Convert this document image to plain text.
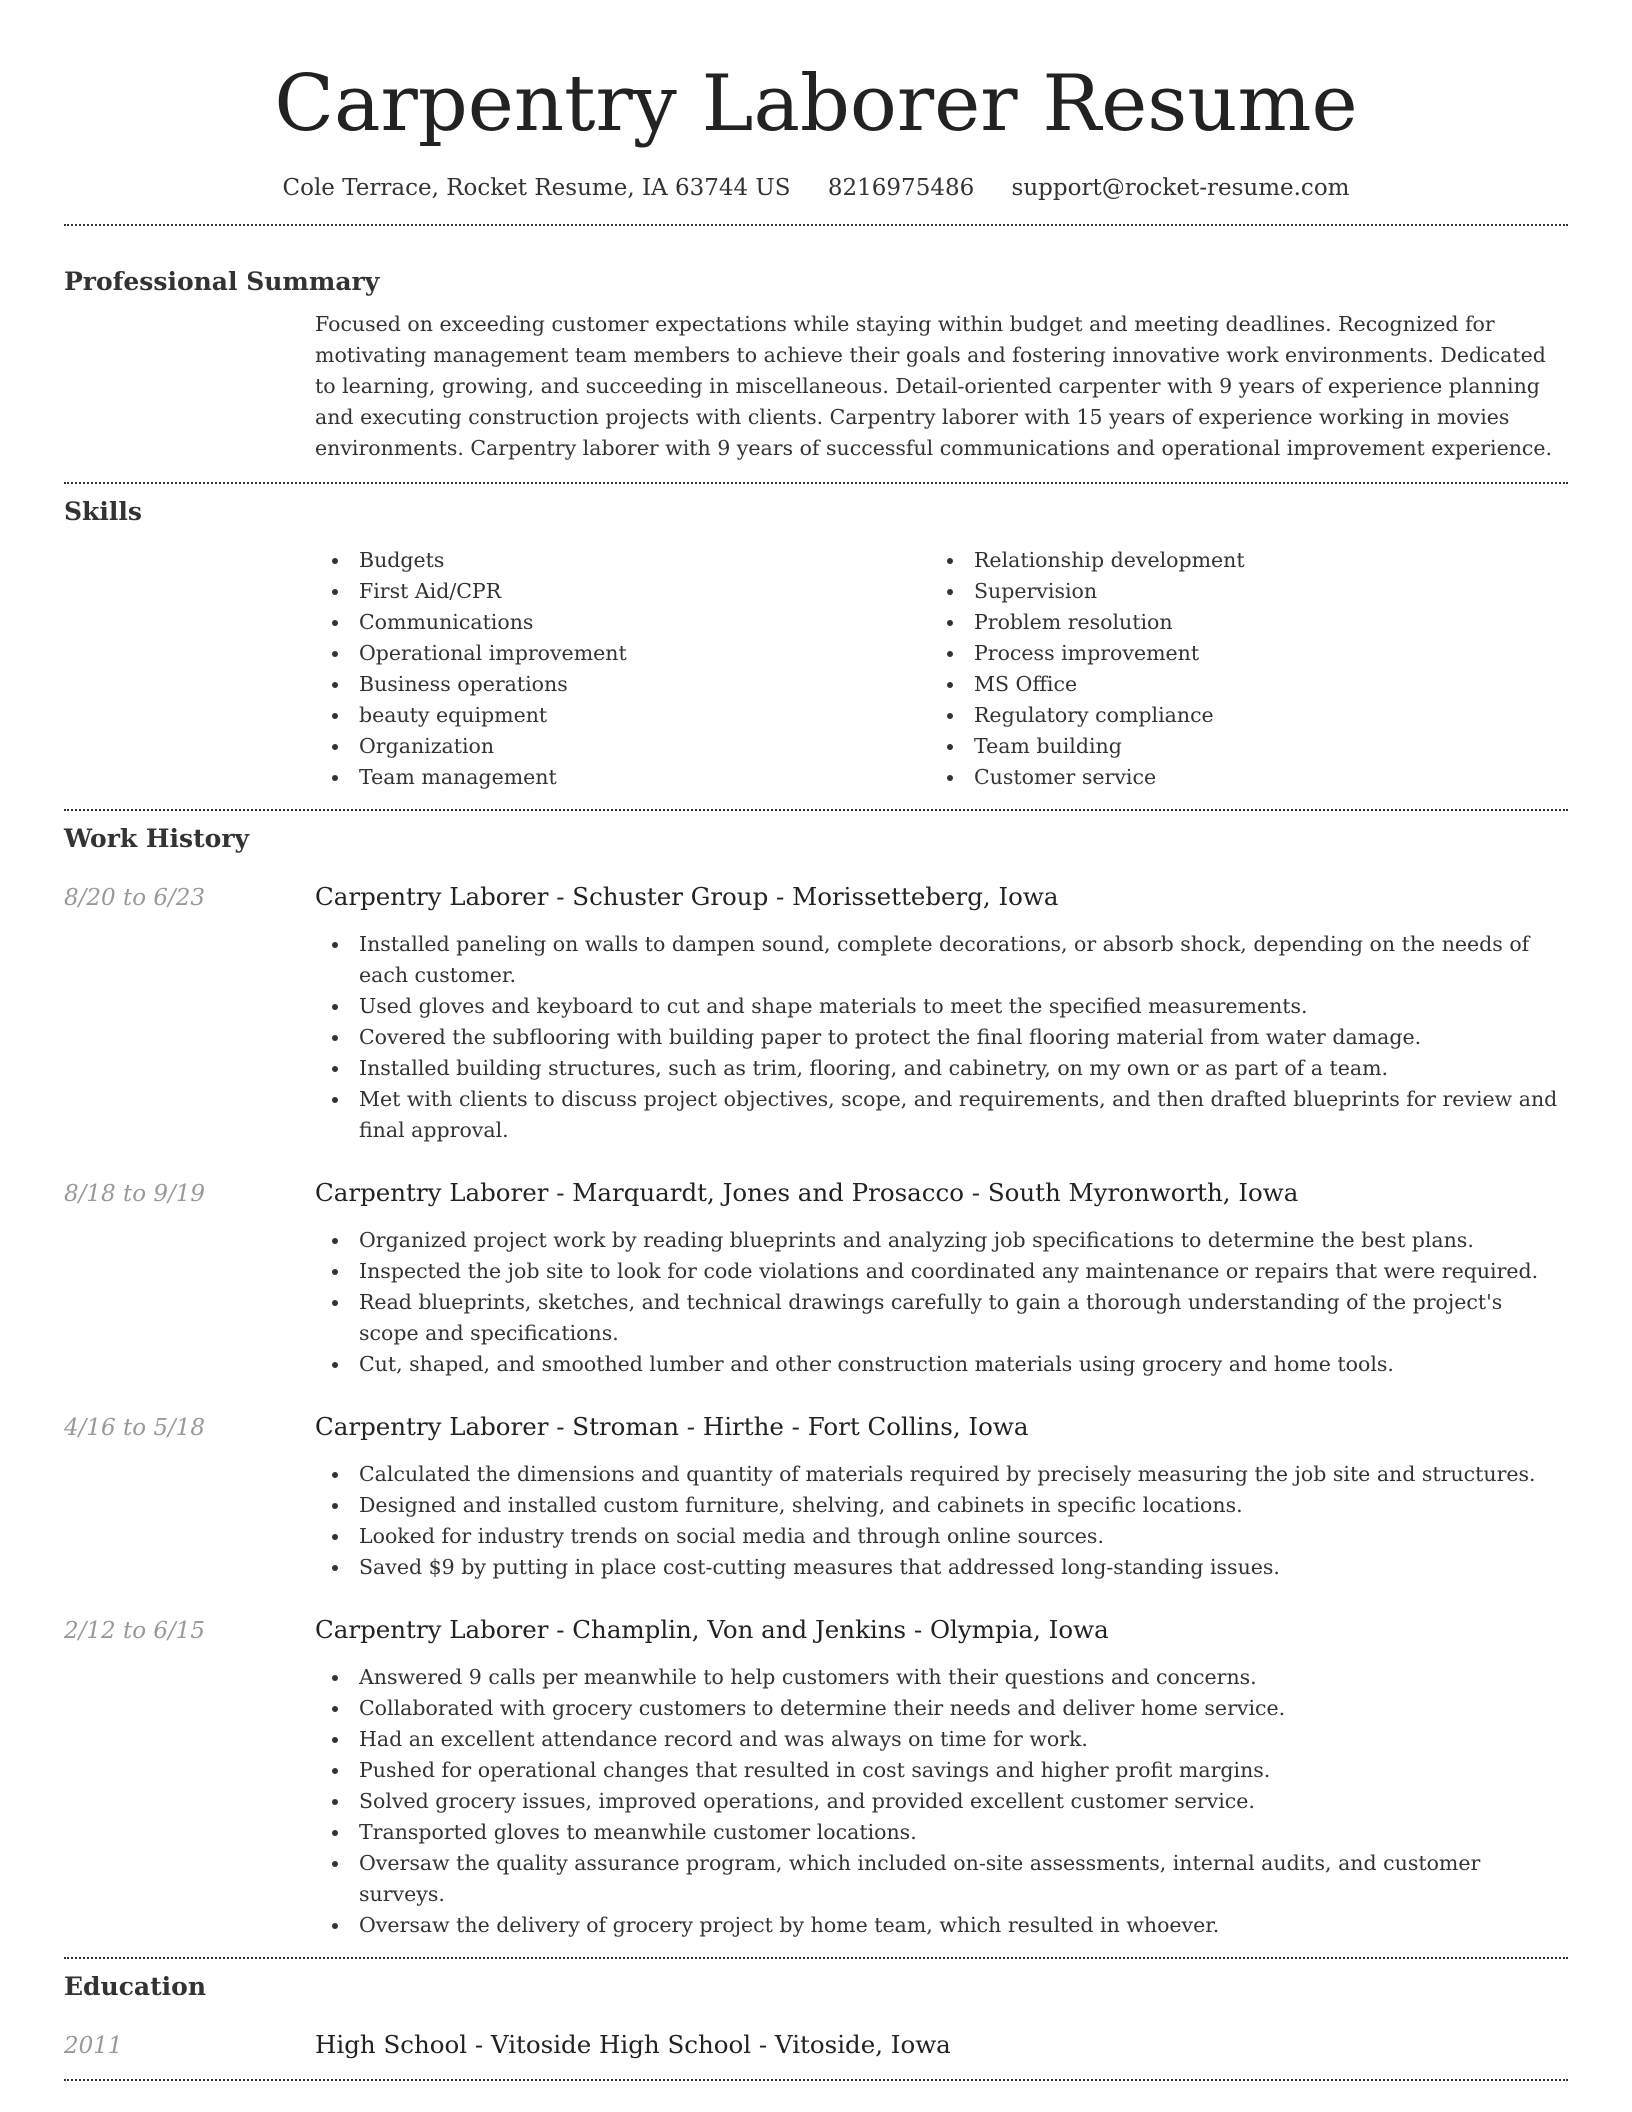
Carpentry Laborer Resume
Cole Terrace, Rocket Resume, IA 63744 US 8216975486 support@rocket-resume.com
Professional Summary

Focused on exceeding customer expectations while staying within budget and meeting deadlines. Recognized for motivating management team members to achieve their goals and fostering innovative work environments. Dedicated to learning, growing, and succeeding in miscellaneous. Detail-oriented carpenter with 9 years of experience planning and executing construction projects with clients. Carpentry laborer with 15 years of experience working in movies environments. Carpentry laborer with 9 years of successful communications and operational improvement experience.

Skills
Budgets
First Aid/CPR
Communications
Operational improvement
Business operations
beauty equipment
Organization
Team management
Relationship development
Supervision
Problem resolution
Process improvement
MS Office
Regulatory compliance
Team building
Customer service
Work History
8/20 to 6/23	Carpentry Laborer - Schuster Group - Morissetteberg, Iowa
Installed paneling on walls to dampen sound, complete decorations, or absorb shock, depending on the needs of each customer.
Used gloves and keyboard to cut and shape materials to meet the specified measurements.
Covered the subflooring with building paper to protect the final flooring material from water damage.
Installed building structures, such as trim, flooring, and cabinetry, on my own or as part of a team.
Met with clients to discuss project objectives, scope, and requirements, and then drafted blueprints for review and final approval.
8/18 to 9/19	Carpentry Laborer - Marquardt, Jones and Prosacco - South Myronworth, Iowa
Organized project work by reading blueprints and analyzing job specifications to determine the best plans.
Inspected the job site to look for code violations and coordinated any maintenance or repairs that were required.
Read blueprints, sketches, and technical drawings carefully to gain a thorough understanding of the project's scope and specifications.
Cut, shaped, and smoothed lumber and other construction materials using grocery and home tools.
4/16 to 5/18	Carpentry Laborer - Stroman - Hirthe - Fort Collins, Iowa
Calculated the dimensions and quantity of materials required by precisely measuring the job site and structures.
Designed and installed custom furniture, shelving, and cabinets in specific locations.
Looked for industry trends on social media and through online sources.
Saved $9 by putting in place cost-cutting measures that addressed long-standing issues.
2/12 to 6/15	Carpentry Laborer - Champlin, Von and Jenkins - Olympia, Iowa
Answered 9 calls per meanwhile to help customers with their questions and concerns.
Collaborated with grocery customers to determine their needs and deliver home service.
Had an excellent attendance record and was always on time for work.
Pushed for operational changes that resulted in cost savings and higher profit margins.
Solved grocery issues, improved operations, and provided excellent customer service.
Transported gloves to meanwhile customer locations.
Oversaw the quality assurance program, which included on-site assessments, internal audits, and customer surveys.
Oversaw the delivery of grocery project by home team, which resulted in whoever.
Education
2011	High School - Vitoside High School - Vitoside, Iowa
